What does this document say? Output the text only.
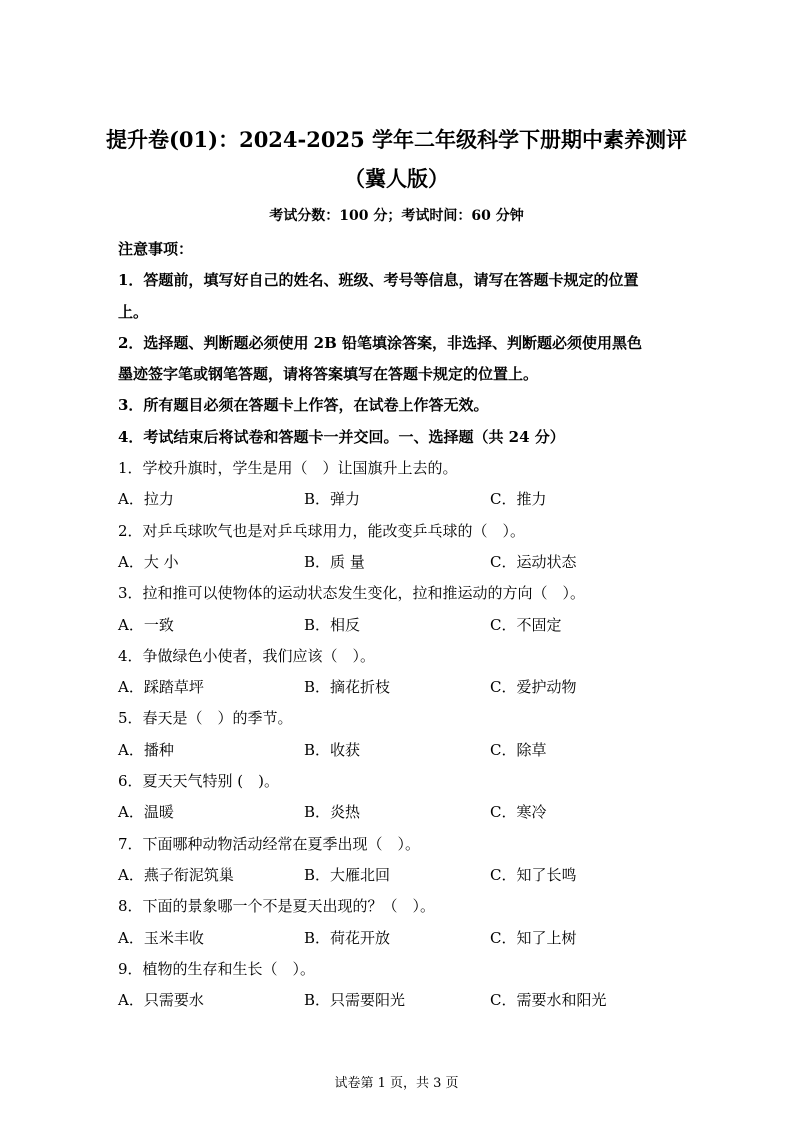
提升卷(01)：2024-2025 学年二年级科学下册期中素养测评
（冀人版）
考试分数：100 分；考试时间：60 分钟
注意事项：
1．答题前，填写好自己的姓名、班级、考号等信息，请写在答题卡规定的位置
上。
2．选择题、判断题必须使用 2B 铅笔填涂答案，非选择、判断题必须使用黑色
墨迹签字笔或钢笔答题，请将答案填写在答题卡规定的位置上。
3．所有题目必须在答题卡上作答，在试卷上作答无效。
4．考试结束后将试卷和答题卡一并交回。一、选择题（共 24 分）
1．学校升旗时，学生是用（　）让国旗升上去的。
A．拉力	B．弹力	C．推力
2．对乒乓球吹气也是对乒乓球用力，能改变乒乓球的（　）。
A．大 小	B．质 量	C．运动状态
3．拉和推可以使物体的运动状态发生变化，拉和推运动的方向（　）。
A．一致	B．相反	C．不固定
4．争做绿色小使者，我们应该（　）。
A．踩踏草坪	B．摘花折枝	C．爱护动物
5．春天是（　）的季节。
A．播种	B．收获	C．除草
6．夏天天气特别 (　)。
A．温暖	B．炎热	C．寒冷
7．下面哪种动物活动经常在夏季出现（　）。
A．燕子衔泥筑巢	B．大雁北回	C．知了长鸣
8．下面的景象哪一个不是夏天出现的？（　）。
A．玉米丰收	B．荷花开放	C．知了上树
9．植物的生存和生长（　）。
A．只需要水	B．只需要阳光	C．需要水和阳光
试卷第 1 页，共 3 页
